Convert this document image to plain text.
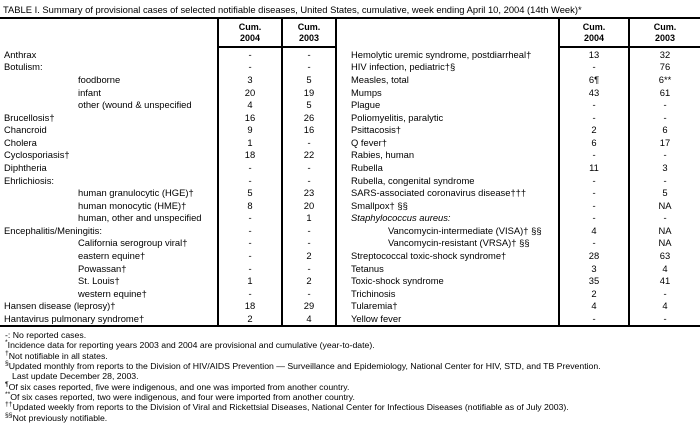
TABLE I. Summary of provisional cases of selected notifiable diseases, United States, cumulative, week ending April 10, 2004 (14th Week)*
Cum.
2004
Cum.
2003
Cum.
2004
Cum.
2003
Anthrax	-	-
Botulism:	-	-
foodborne	3	5
infant	20	19
other (wound & unspecified	4	5
Brucellosis†	16	26
Chancroid	9	16
Cholera	1	-
Cyclosporiasis†	18	22
Diphtheria	-	-
Ehrlichiosis:	-	-
human granulocytic (HGE)†	5	23
human monocytic (HME)†	8	20
human, other and unspecified	-	1
Encephalitis/Meningitis:	-	-
California serogroup viral†	-	-
eastern equine†	-	2
Powassan†	-	-
St. Louis†	1	2
western equine†	-	-
Hansen disease (leprosy)†	18	29
Hantavirus pulmonary syndrome†	2	4
Hemolytic uremic syndrome, postdiarrheal†	13	32
HIV infection, pediatric†§	-	76
Measles, total	6¶	6**
Mumps	43	61
Plague	-	-
Poliomyelitis, paralytic	-	-
Psittacosis†	2	6
Q fever†	6	17
Rabies, human	-	-
Rubella	11	3
Rubella, congenital syndrome	-	-
SARS-associated coronavirus disease†††	-	5
Smallpox† §§	-	NA
Staphylococcus aureus:	-	-
Vancomycin-intermediate (VISA)† §§	4	NA
Vancomycin-resistant (VRSA)† §§	-	NA
Streptococcal toxic-shock syndrome†	28	63
Tetanus	3	4
Toxic-shock syndrome	35	41
Trichinosis	2	-
Tularemia†	4	4
Yellow fever	-	-
-: No reported cases.
*Incidence data for reporting years 2003 and 2004 are provisional and cumulative (year-to-date).
†Not notifiable in all states.
§Updated monthly from reports to the Division of HIV/AIDS Prevention — Surveillance and Epidemiology, National Center for HIV, STD, and TB Prevention.
Last update December 28, 2003.
¶Of six cases reported, five were indigenous, and one was imported from another country.
**Of six cases reported, two were indigenous, and four were imported from another country.
††Updated weekly from reports to the Division of Viral and Rickettsial Diseases, National Center for Infectious Diseases (notifiable as of July 2003).
§§Not previously notifiable.
